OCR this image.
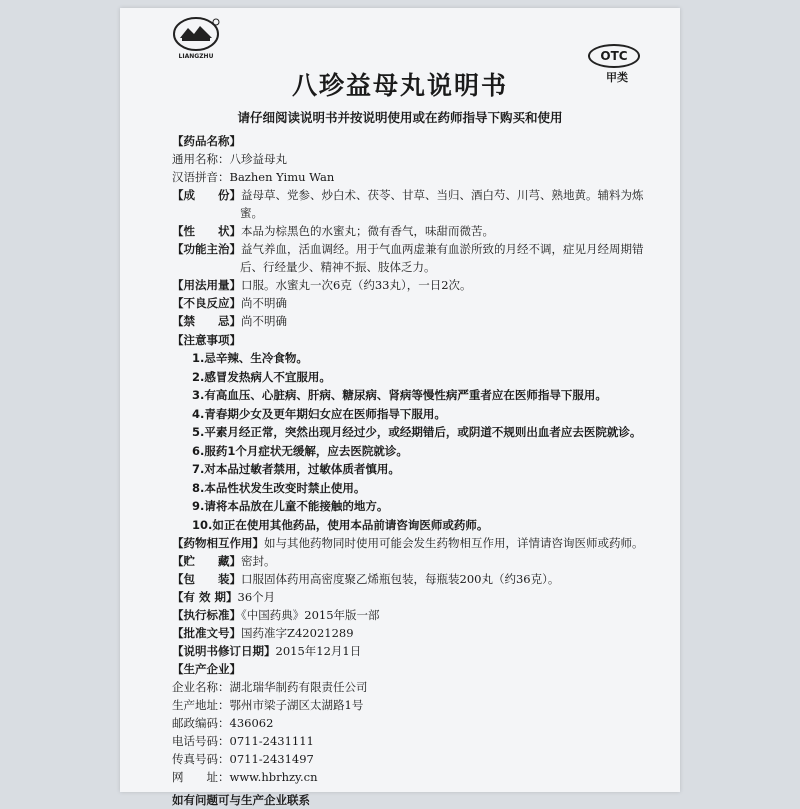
LIANGZHU	OTC
甲类
八珍益母丸说明书
请仔细阅读说明书并按说明使用或在药师指导下购买和使用

【药品名称】

通用名称：八珍益母丸

汉语拼音：Bazhen Yimu Wan

【成　　份】益母草、党参、炒白术、茯苓、甘草、当归、酒白芍、川芎、熟地黄。辅料为炼蜜。

【性　　状】本品为棕黑色的水蜜丸；微有香气，味甜而微苦。

【功能主治】益气养血，活血调经。用于气血两虚兼有血淤所致的月经不调，症见月经周期错后、行经量少、精神不振、肢体乏力。

【用法用量】口服。水蜜丸一次6克（约33丸），一日2次。

【不良反应】尚不明确

【禁　　忌】尚不明确

【注意事项】

1.忌辛辣、生冷食物。

2.感冒发热病人不宜服用。

3.有高血压、心脏病、肝病、糖尿病、肾病等慢性病严重者应在医师指导下服用。

4.青春期少女及更年期妇女应在医师指导下服用。

5.平素月经正常，突然出现月经过少，或经期错后，或阴道不规则出血者应去医院就诊。

6.服药1个月症状无缓解，应去医院就诊。

7.对本品过敏者禁用，过敏体质者慎用。

8.本品性状发生改变时禁止使用。

9.请将本品放在儿童不能接触的地方。

10.如正在使用其他药品，使用本品前请咨询医师或药师。

【药物相互作用】如与其他药物同时使用可能会发生药物相互作用，详情请咨询医师或药师。

【贮　　藏】密封。

【包　　装】口服固体药用高密度聚乙烯瓶包装，每瓶装200丸（约36克）。

【有 效 期】36个月

【执行标准】《中国药典》2015年版一部

【批准文号】国药准字Z42021289

【说明书修订日期】2015年12月1日

【生产企业】

企业名称：湖北瑞华制药有限责任公司

生产地址：鄂州市梁子湖区太湖路1号

邮政编码：436062

电话号码：0711-2431111

传真号码：0711-2431497

网　　址：www.hbrhzy.cn

如有问题可与生产企业联系
